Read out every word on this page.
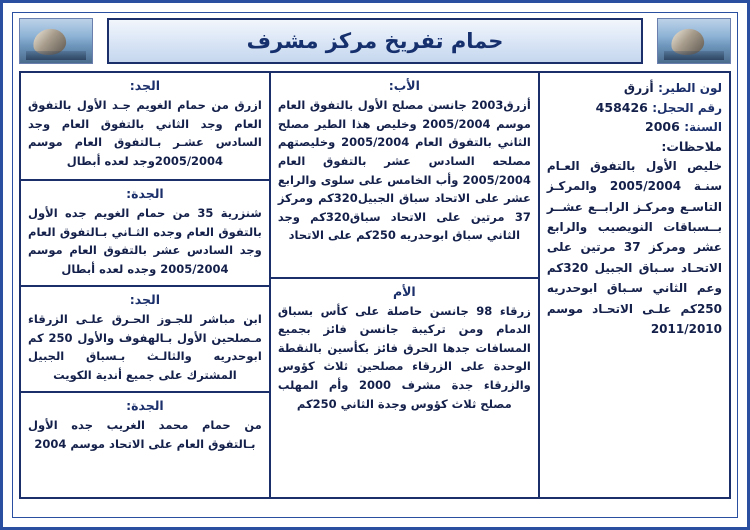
حمام تفريخ مركز مشرف
لون الطير: أزرق
رقم الحجل: 458426
السنة: 2006
ملاحظات:
خليص الأول بالتفوق العـام سنـة 2005/2004 والمركـز التاسـع ومركـز الرابــع عشــر بــسباقات النويصيب والرابع عشر ومركز 37 مرتين على الاتحـاد سـباق الجبيل 320كم وعم الثاني سـباق ابوحدريه 250كم علـى الاتحـاد موسم 2011/2010
الأب:
أزرق2003 جانسن مصلح الأول بالتفوق العام موسم 2005/2004 وخليص هذا الطير مصلح الثاني بالتفوق العام 2005/2004 وخليصتهم مصلحه السادس عشر بالتفوق العام 2005/2004 وأب الخامس على سلوى والرابع عشر على الاتحاد سباق الجبيل320كم ومركز 37 مرتين على الاتحاد سباق320كم وجد الثاني سباق ابوحدريه 250كم على الاتحاد
الأم
زرقاء 98 جانسن حاصلة على كأس بسباق الدمام ومن تركيبة جانسن فائز بجميع المسافات جدها الحرق فائز بكأسين بالنقطة الوحدة على الزرقاء مصلحين ثلاث كؤوس والزرقاء جدة مشرف 2000 وأم المهلب مصلح ثلاث كؤوس وجدة الثاني 250كم
الجد:
ازرق من حمام الغويم جـد الأول بالتفوق العام وجد الثاني بالتفوق العام وجد السادس عشـر بـالتفوق العام موسم 2005/2004وجد لعده أبطال
الجدة:
شنزرية 35 من حمام الغويم جده الأول بالتفوق العام وجده الثـاني بـالتفوق العام وجد السادس عشر بالتفوق العام موسم 2005/2004 وجده لعده أبطال
الجد:
ابن مباشر للجـوز الحـرق علـى الزرقاء مـصلحين الأول بـالهفوف والأول 250 كم ابوحدريه والثالـث بـسباق الجبيل المشترك على جميع أندية الكويت
الجدة:
من حمام محمد الغريب جده الأول بـالتفوق العام على الاتحاد موسم 2004
